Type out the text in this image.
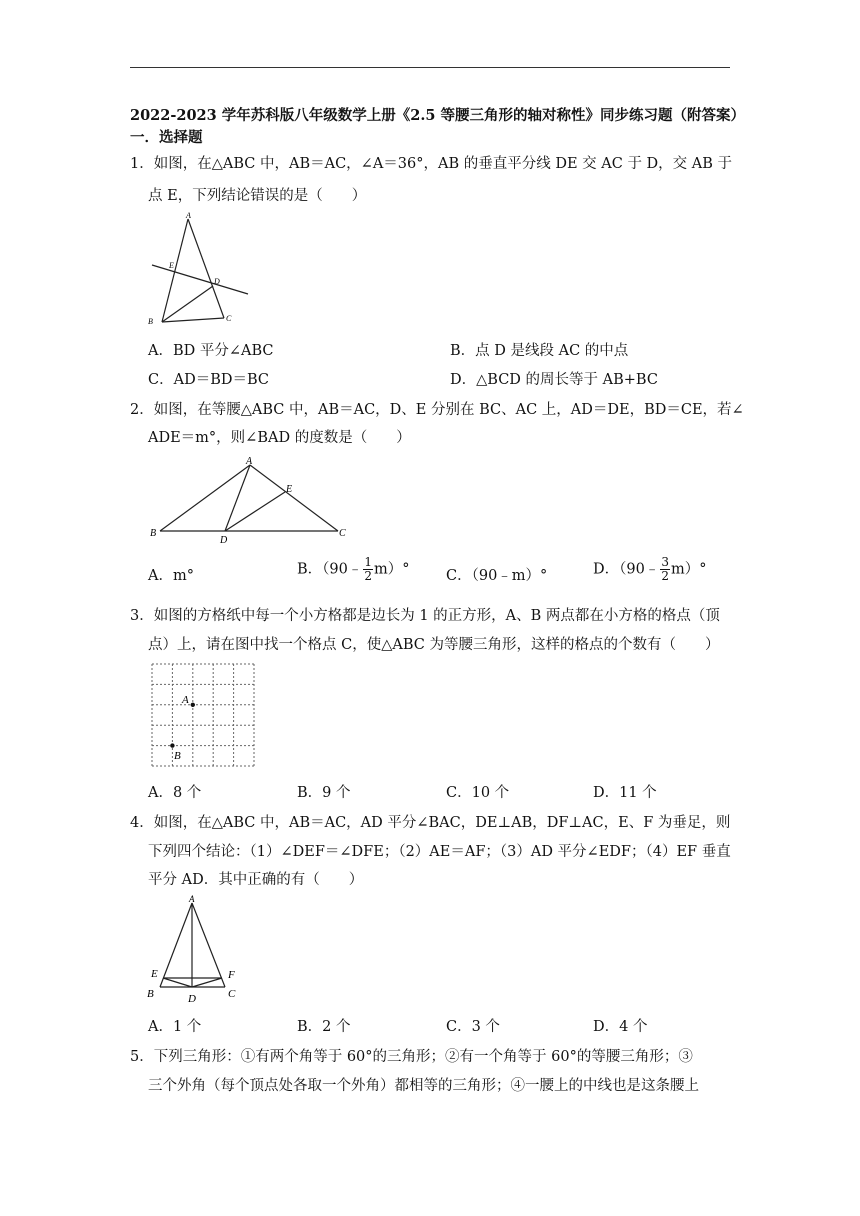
2022-2023 学年苏科版八年级数学上册《2.5 等腰三角形的轴对称性》同步练习题（附答案）
一．选择题
1．如图，在△ABC 中，AB＝AC，∠A＝36°，AB 的垂直平分线 DE 交 AC 于 D，交 AB 于
点 E，下列结论错误的是（　　）
A
E
D
B	C
A．BD 平分∠ABC	B．点 D 是线段 AC 的中点
C．AD＝BD＝BC	D．△BCD 的周长等于 AB+BC
2．如图，在等腰△ABC 中，AB＝AC，D、E 分别在 BC、AC 上，AD＝DE，BD＝CE，若∠
ADE＝m°，则∠BAD 的度数是（　　）
A
E
B
D
C
A．m°	B．（90﹣ $\frac{1}{2} m)^\circ$	C．（90﹣m）°	D．（90﹣ $\frac{3}{2} m)^\circ$
3．如图的方格纸中每一个小方格都是边长为 1 的正方形，A、B 两点都在小方格的格点（顶
点）上，请在图中找一个格点 C，使△ABC 为等腰三角形，这样的格点的个数有（　　）
A
B
A．8 个	B．9 个	C．10 个	D．11 个
4．如图，在△ABC 中，AB＝AC，AD 平分∠BAC，DE⊥AB，DF⊥AC，E、F 为垂足，则
下列四个结论：（1）∠DEF＝∠DFE；（2）AE＝AF；（3）AD 平分∠EDF；（4）EF 垂直
平分 AD．其中正确的有（　　）
A
E	F
B	D	C
A．1 个	B．2 个	C．3 个	D．4 个
5．下列三角形：①有两个角等于 60°的三角形；②有一个角等于 60°的等腰三角形；③
三个外角（每个顶点处各取一个外角）都相等的三角形；④一腰上的中线也是这条腰上
